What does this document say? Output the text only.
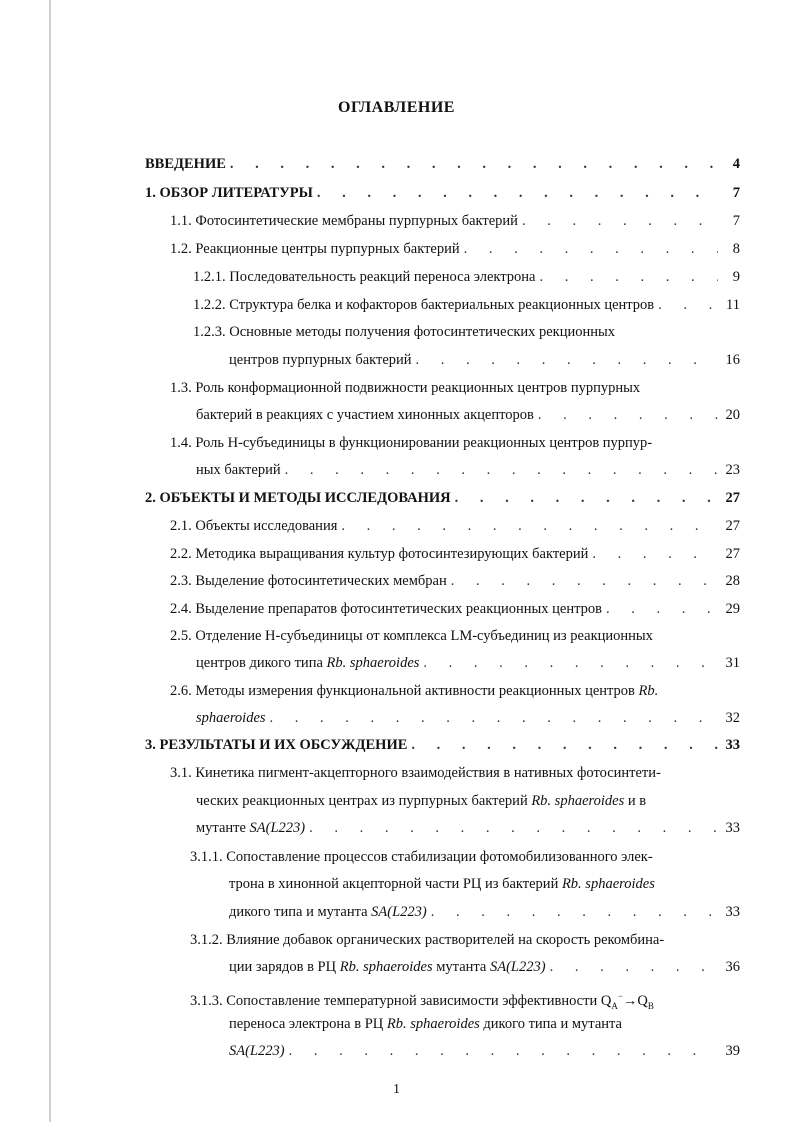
ОГЛАВЛЕНИЕ
ВВЕДЕНИЕ . . .	4
1. ОБЗОР ЛИТЕРАТУРЫ . . .	7
1.1. Фотосинтетические мембраны пурпурных бактерий . . .	7
1.2. Реакционные центры пурпурных бактерий . . .	8
1.2.1. Последовательность реакций переноса электрона . . .	9
1.2.2. Структура белка и кофакторов бактериальных реакционных центров . . .	11
1.2.3. Основные методы получения фотосинтетических рекционных
центров пурпурных бактерий . . .	16
1.3. Роль конформационной подвижности реакционных центров пурпурных
бактерий в реакциях с участием хинонных акцепторов . . .	20
1.4. Роль Н-субъединицы в функционировании реакционных центров пурпур-
ных бактерий . . .	23
2. ОБЪЕКТЫ И МЕТОДЫ ИССЛЕДОВАНИЯ . . .	27
2.1. Объекты исследования . . .	27
2.2. Методика выращивания культур фотосинтезирующих бактерий . . .	27
2.3. Выделение фотосинтетических мембран . . .	28
2.4. Выделение препаратов фотосинтетических реакционных центров . . .	29
2.5. Отделение Н-субъединицы от комплекса LM-субъединиц из реакционных
центров дикого типа Rb. sphaeroides . . .	31
2.6. Методы измерения функциональной активности реакционных центров Rb.
sphaeroides . . .	32
3. РЕЗУЛЬТАТЫ И ИХ ОБСУЖДЕНИЕ . . .	33
3.1. Кинетика пигмент-акцепторного взаимодействия в нативных фотосинтети-
ческих реакционных центрах из пурпурных бактерий Rb. sphaeroides и в
мутанте SA(L223) . . .	33
3.1.1. Сопоставление процессов стабилизации фотомобилизованного элек-
трона в хинонной акцепторной части РЦ из бактерий Rb. sphaeroides
дикого типа и мутанта SA(L223) . . .	33
3.1.2. Влияние добавок органических растворителей на скорость рекомбина-
ции зарядов в РЦ Rb. sphaeroides мутанта SA(L223) . . .	36
3.1.3. Сопоставление температурной зависимости эффективности $Q_A^-\to Q_B$
переноса электрона в РЦ Rb. sphaeroides дикого типа и мутанта
SA(L223) . . .	39
1
